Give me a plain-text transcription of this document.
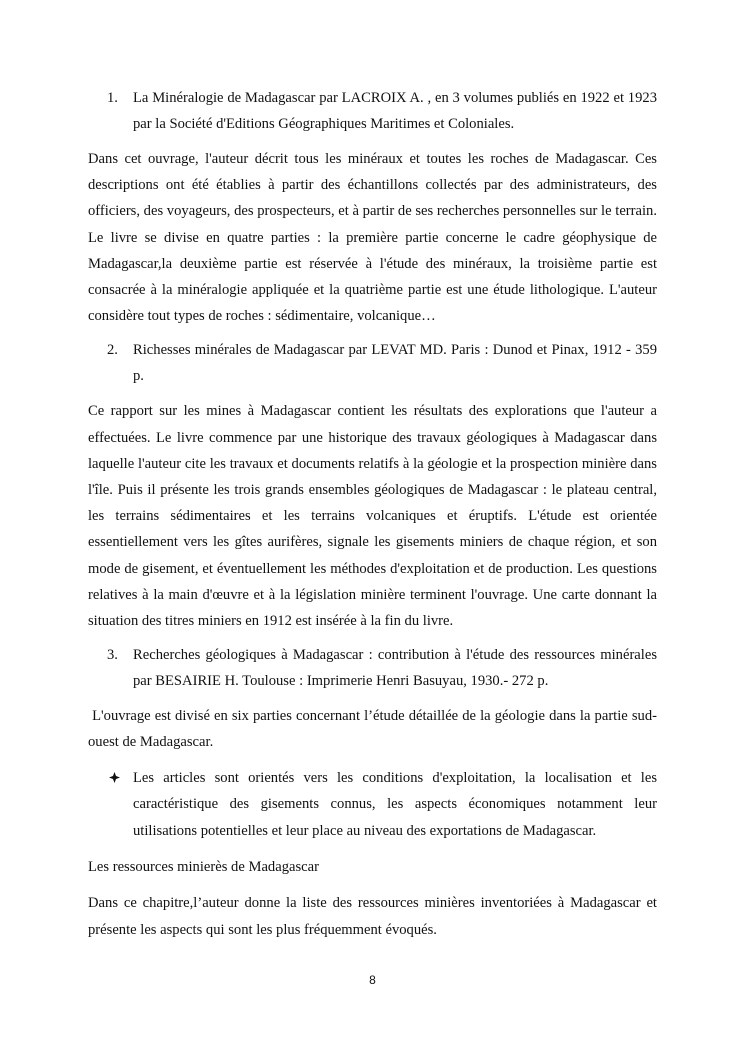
1.	La Minéralogie de Madagascar par LACROIX A. , en 3 volumes publiés en 1922 et 1923 par la Société d'Editions Géographiques Maritimes et Coloniales.

Dans cet ouvrage, l'auteur décrit tous les minéraux et toutes les roches de Madagascar. Ces descriptions ont été établies à partir des échantillons collectés par des administrateurs, des officiers, des voyageurs, des prospecteurs, et à partir de ses recherches personnelles sur le terrain. Le livre se divise en quatre parties : la première partie concerne le cadre géophysique de Madagascar,la deuxième partie est réservée à l'étude des minéraux, la troisième partie est consacrée à la minéralogie appliquée et la quatrième partie est une étude lithologique. L'auteur considère tout types de roches : sédimentaire, volcanique…

2.	Richesses minérales de Madagascar par LEVAT MD. Paris : Dunod et Pinax, 1912 - 359 p.

Ce rapport sur les mines à Madagascar contient les résultats des explorations que l'auteur a effectuées. Le livre commence par une historique des travaux géologiques à Madagascar dans laquelle l'auteur cite les travaux et documents relatifs à la géologie et la prospection minière dans l'île. Puis il présente les trois grands ensembles géologiques de Madagascar : le plateau central, les terrains sédimentaires et les terrains volcaniques et éruptifs. L'étude est orientée essentiellement vers les gîtes aurifères, signale les gisements miniers de chaque région, et son mode de gisement, et éventuellement les méthodes d'exploitation et de production. Les questions relatives à la main d'œuvre et à la législation minière terminent l'ouvrage. Une carte donnant la situation des titres miniers en 1912 est insérée à la fin du livre.

3.	Recherches géologiques à Madagascar : contribution à l'étude des ressources minérales par BESAIRIE H. Toulouse : Imprimerie Henri Basuyau, 1930.- 272 p.

L'ouvrage est divisé en six parties concernant l’étude détaillée de la géologie dans la partie sud-ouest de Madagascar.

Les articles sont orientés vers les conditions d'exploitation, la localisation et les caractéristique des gisements connus, les aspects économiques notamment leur utilisations potentielles et leur place au niveau des exportations de Madagascar.

Les ressources minierès de Madagascar

Dans ce chapitre,l’auteur donne la liste des ressources minières inventoriées à Madagascar et présente les aspects qui sont les plus fréquemment évoqués.

8
